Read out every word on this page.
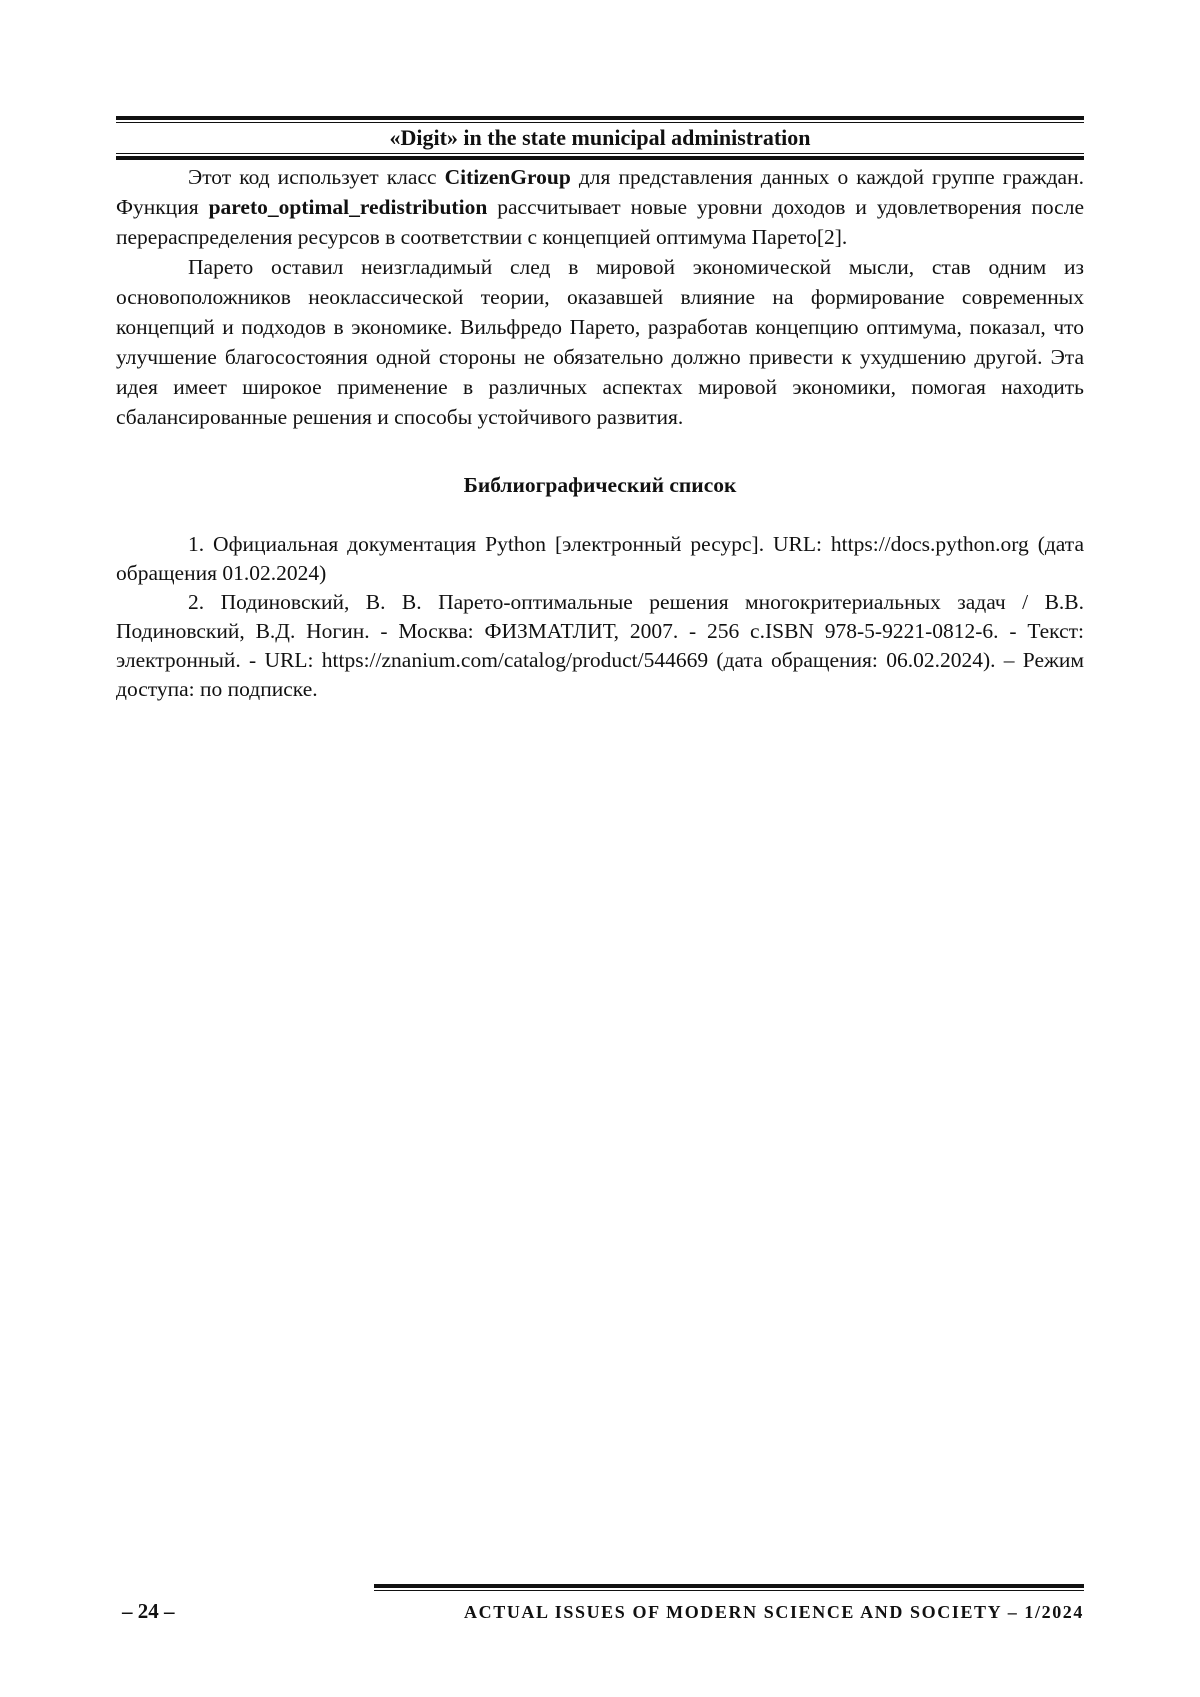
«Digit» in the state municipal administration

Этот код использует класс CitizenGroup для представления данных о каждой группе граждан. Функция pareto_optimal_redistribution рассчитывает новые уровни доходов и удовлетворения после перераспределения ресурсов в соответствии с концепцией оптимума Парето[2].

Парето оставил неизгладимый след в мировой экономической мысли, став одним из основоположников неоклассической теории, оказавшей влияние на формирование современных концепций и подходов в экономике. Вильфредо Парето, разработав концепцию оптимума, показал, что улучшение благосостояния одной стороны не обязательно должно привести к ухудшению другой. Эта идея имеет широкое применение в различных аспектах мировой экономики, помогая находить сбалансированные решения и способы устойчивого развития.

Библиографический список

1. Официальная документация Python [электронный ресурс]. URL: https://docs.python.org (дата обращения 01.02.2024)

2. Подиновский, В. В. Парето-оптимальные решения многокритериальных задач / В.В. Подиновский, В.Д. Ногин. - Москва: ФИЗМАТЛИТ, 2007. - 256 с.ISBN 978-5-9221-0812-6. - Текст: электронный. - URL: https://znanium.com/catalog/product/544669 (дата обращения: 06.02.2024). – Режим доступа: по подписке.

– 24 –	ACTUAL ISSUES OF MODERN SCIENCE AND SOCIETY – 1/2024
